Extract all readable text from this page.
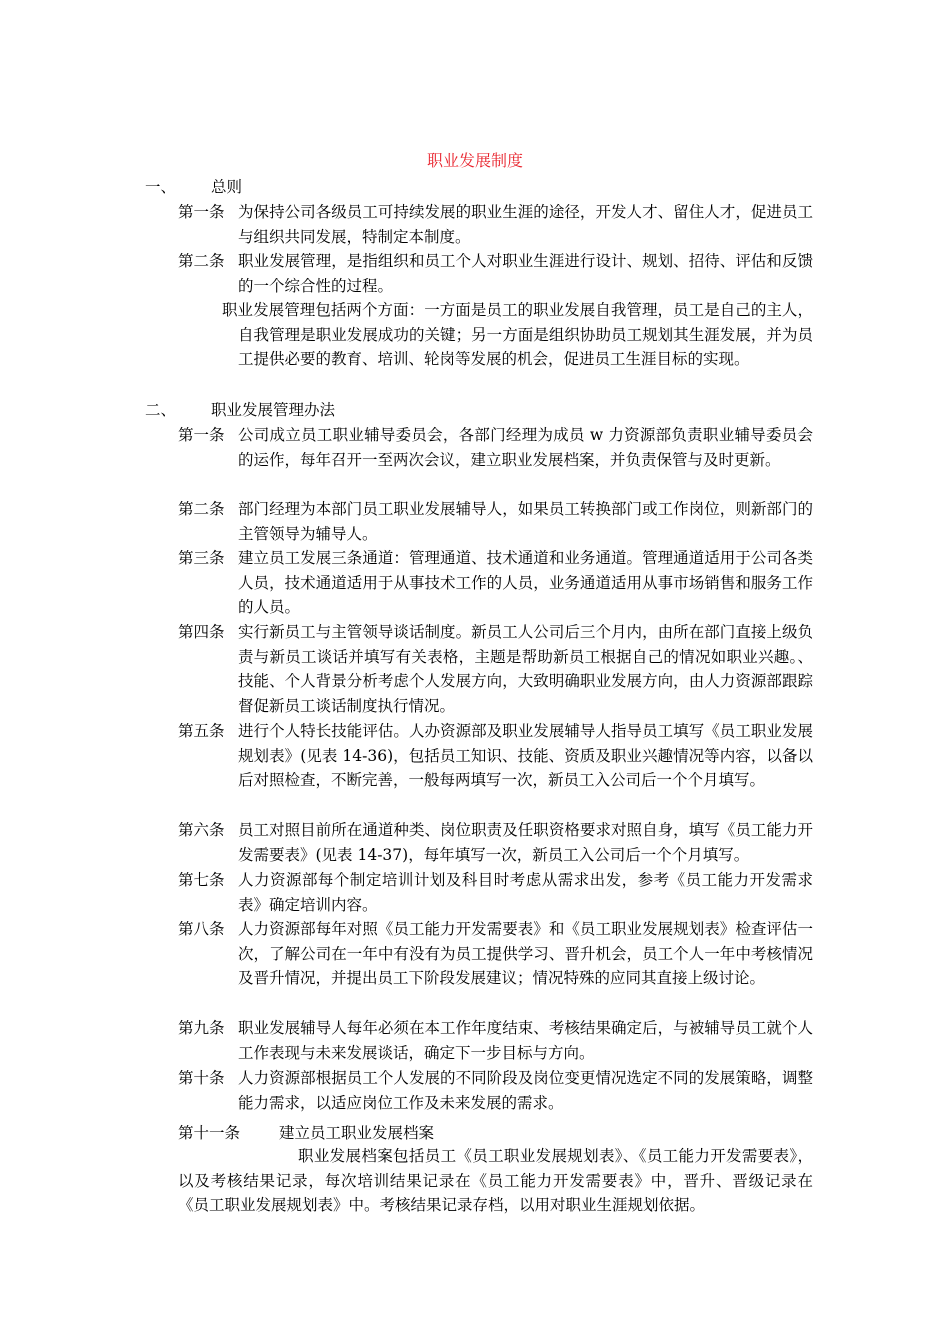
职业发展制度
一、 总则
第一条 为保持公司各级员工可持续发展的职业生涯的途径，开发人才、留住人才，促进员工与组织共同发展，特制定本制度。
第二条 职业发展管理，是指组织和员工个人对职业生涯进行设计、规划、招待、评估和反馈的一个综合性的过程。
职业发展管理包括两个方面：一方面是员工的职业发展自我管理，员工是自己的主人，自我管理是职业发展成功的关键；另一方面是组织协助员工规划其生涯发展，并为员工提供必要的教育、培训、轮岗等发展的机会，促进员工生涯目标的实现。
二、 职业发展管理办法
第一条 公司成立员工职业辅导委员会，各部门经理为成员 w 力资源部负责职业辅导委员会的运作，每年召开一至两次会议，建立职业发展档案，并负责保管与及时更新。
第二条 部门经理为本部门员工职业发展辅导人，如果员工转换部门或工作岗位，则新部门的主管领导为辅导人。
第三条 建立员工发展三条通道：管理通道、技术通道和业务通道。管理通道适用于公司各类人员，技术通道适用于从事技术工作的人员，业务通道适用从事市场销售和服务工作的人员。
第四条 实行新员工与主管领导谈话制度。新员工人公司后三个月内，由所在部门直接上级负责与新员工谈话并填写有关表格，主题是帮助新员工根据自己的情况如职业兴趣。、技能、个人背景分析考虑个人发展方向，大致明确职业发展方向，由人力资源部跟踪督促新员工谈话制度执行情况。
第五条 进行个人特长技能评估。人办资源部及职业发展辅导人指导员工填写《员工职业发展规划表》(见表 14-36)，包括员工知识、技能、资质及职业兴趣情况等内容，以备以后对照检查，不断完善，一般每两填写一次，新员工入公司后一个个月填写。
第六条 员工对照目前所在通道种类、岗位职责及任职资格要求对照自身，填写《员工能力开发需要表》(见表 14-37)，每年填写一次，新员工入公司后一个个月填写。
第七条 人力资源部每个制定培训计划及科目时考虑从需求出发，参考《员工能力开发需求表》确定培训内容。
第八条 人力资源部每年对照《员工能力开发需要表》和《员工职业发展规划表》检查评估一次，了解公司在一年中有没有为员工提供学习、晋升机会，员工个人一年中考核情况及晋升情况，并提出员工下阶段发展建议；情况特殊的应同其直接上级讨论。
第九条 职业发展辅导人每年必须在本工作年度结束、考核结果确定后，与被辅导员工就个人工作表现与未来发展谈话，确定下一步目标与方向。
第十条 人力资源部根据员工个人发展的不同阶段及岗位变更情况选定不同的发展策略，调整能力需求，以适应岗位工作及未来发展的需求。
第十一条	建立员工职业发展档案
职业发展档案包括员工《员工职业发展规划表》、《员工能力开发需要表》，以及考核结果记录，每次培训结果记录在《员工能力开发需要表》中，晋升、晋级记录在《员工职业发展规划表》中。考核结果记录存档，以用对职业生涯规划依据。
